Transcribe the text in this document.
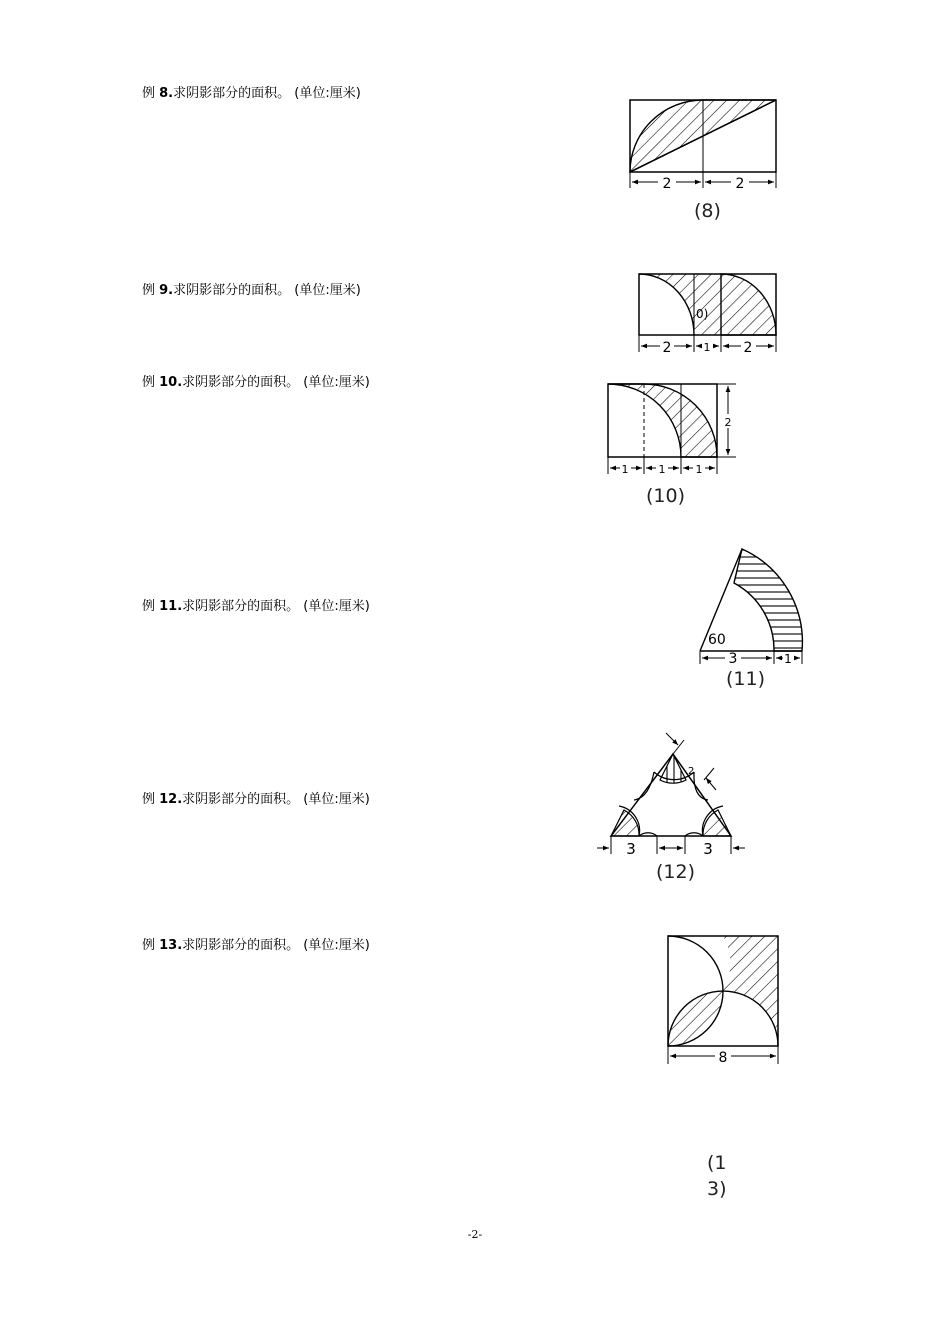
例 8.求阴影部分的面积。 (单位:厘米)
2	2
(8)
例 9.求阴影部分的面积。 (单位:厘米)
0)
2	1 2
例 10.求阴影部分的面积。 (单位:厘米)
2
1	1	1
(10)
例 11.求阴影部分的面积。 (单位:厘米)
60
3	1
(11)
例 12.求阴影部分的面积。 (单位:厘米)
2
3	3
(12)
例 13.求阴影部分的面积。 (单位:厘米)
8
(1
3)
-2-
